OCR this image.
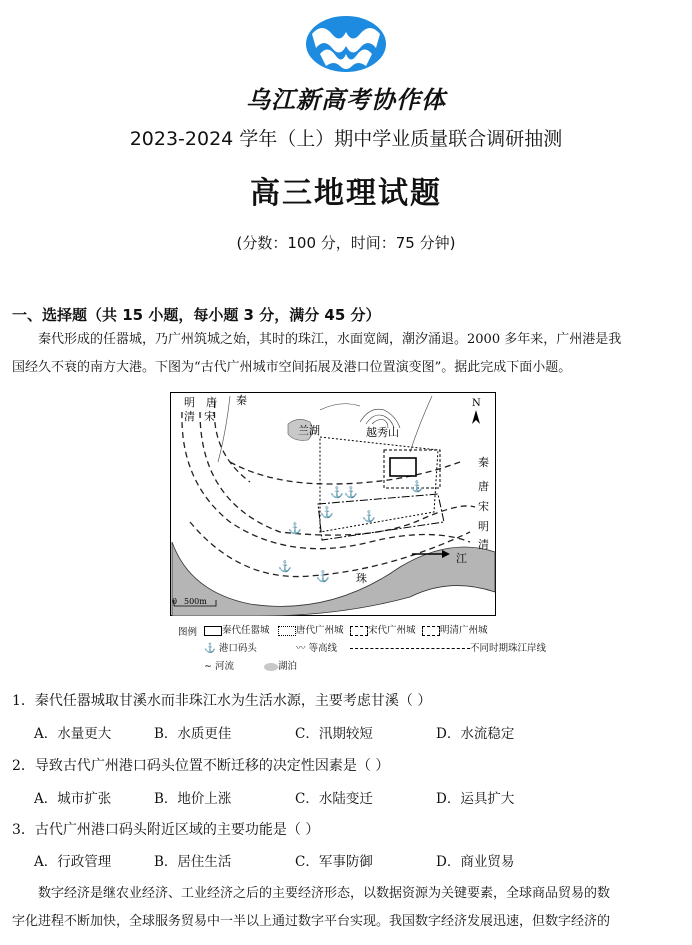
乌江新高考协作体
2023-2024 学年（上）期中学业质量联合调研抽测
高三地理试题
(分数：100 分，时间：75 分钟)
一、选择题（共 15 小题，每小题 3 分，满分 45 分）
秦代形成的任嚣城，乃广州筑城之始，其时的珠江，水面宽阔，潮汐涌退。2000 多年来，广州港是我
国经久不衰的南方大港。下图为“古代广州城市空间拓展及港口位置演变图”。据此完成下面小题。
⚓ ⚓
⚓	⚓
⚓
⚓
⚓
⚓
明
清
唐
宋
秦
兰湖	越秀山
N
秦
唐
宋
明
清
江
珠
0 500m
图例	秦代任嚣城	唐代广州城	宋代广州城	明清广州城
⚓ 港口码头	〰 等高线	不同时期珠江岸线
∼ 河流	湖泊
1．秦代任嚣城取甘溪水而非珠江水为生活水源，主要考虑甘溪（ ）
A．水量更大	B．水质更佳	C．汛期较短	D．水流稳定
2．导致古代广州港口码头位置不断迁移的决定性因素是（ ）
A．城市扩张	B．地价上涨	C．水陆变迁	D．运具扩大
3．古代广州港口码头附近区域的主要功能是（ ）
A．行政管理	B．居住生活	C．军事防御	D．商业贸易
数字经济是继农业经济、工业经济之后的主要经济形态，以数据资源为关键要素，全球商品贸易的数
字化进程不断加快，全球服务贸易中一半以上通过数字平台实现。我国数字经济发展迅速，但数字经济的
